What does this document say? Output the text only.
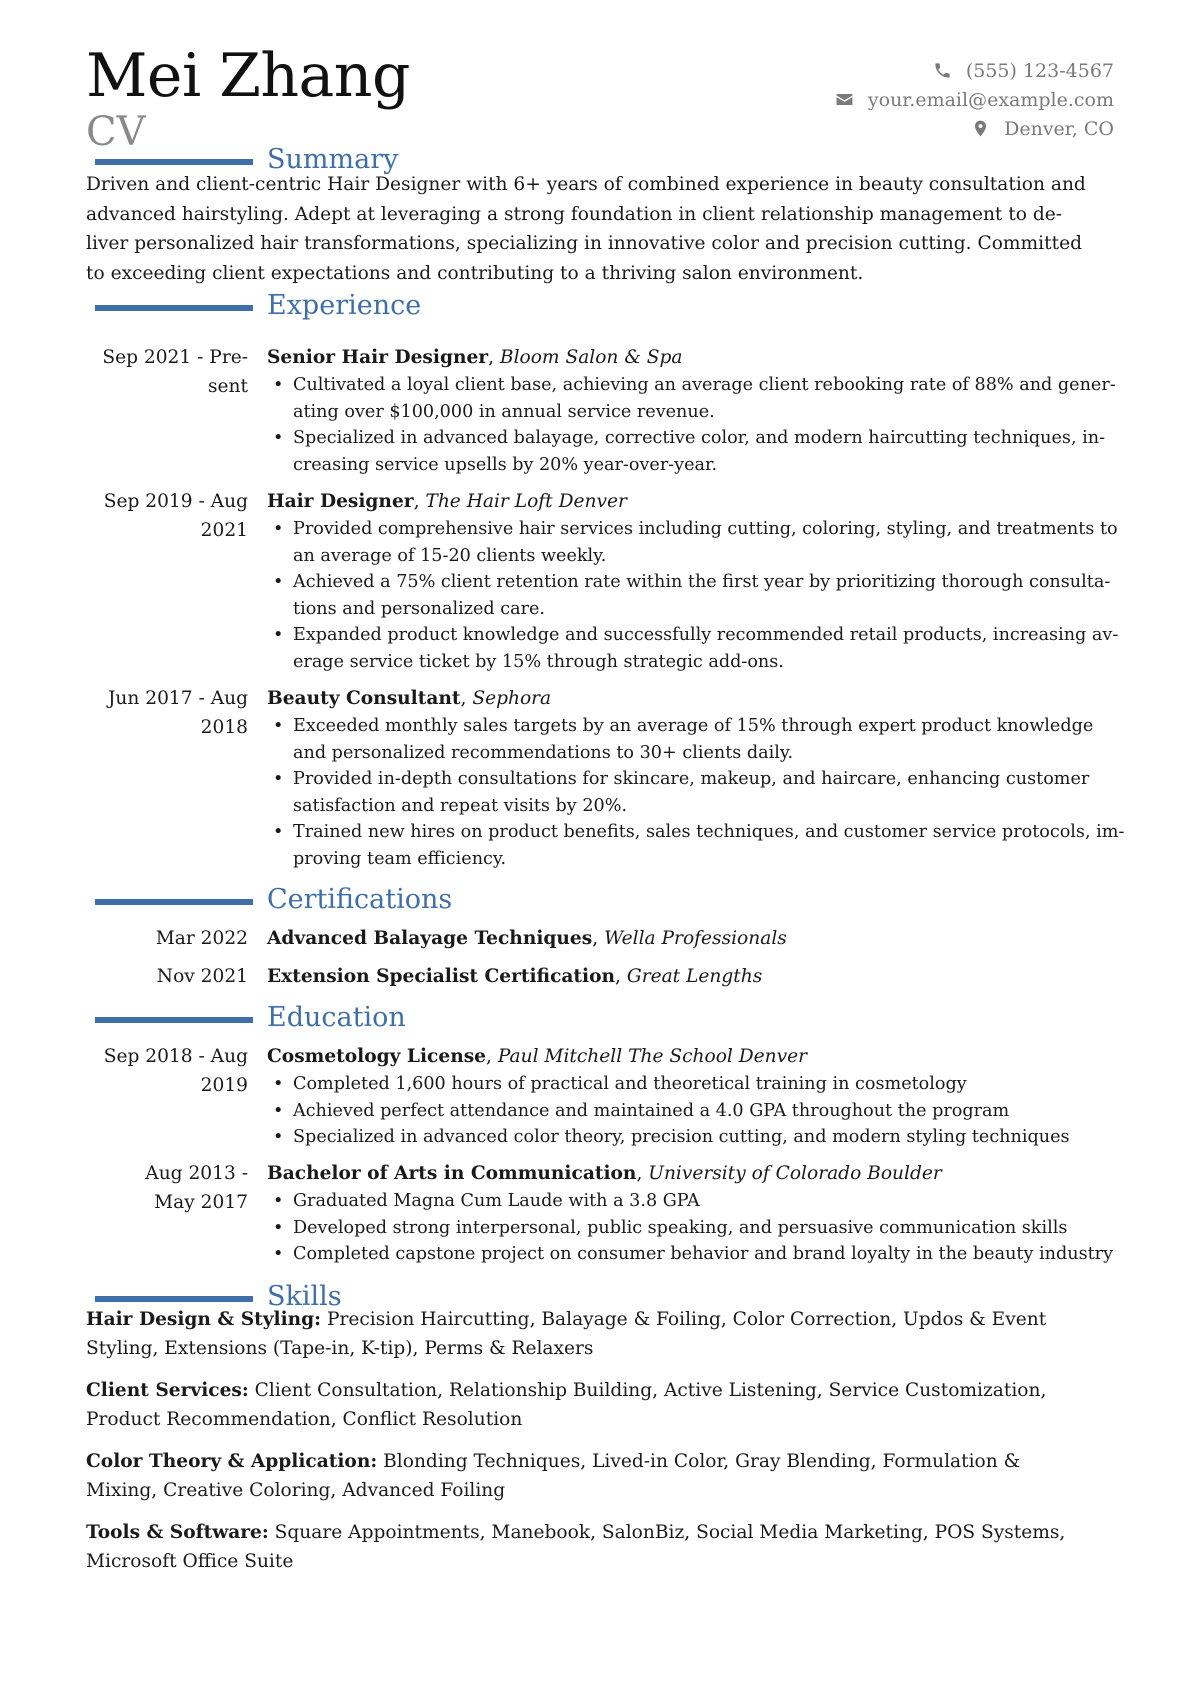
Mei Zhang
CV
(555) 123-4567
your.email@example.com
Denver, CO
Summary
Driven and client-centric Hair Designer with 6+ years of combined experience in beauty consultation and
advanced hairstyling. Adept at leveraging a strong foundation in client relationship management to de-
liver personalized hair transformations, specializing in innovative color and precision cutting. Committed
to exceeding client expectations and contributing to a thriving salon environment.
Experience
Sep 2021 - Pre-
sent
Senior Hair Designer, Bloom Salon & Spa
• Cultivated a loyal client base, achieving an average client rebooking rate of 88% and gener-
ating over $100,000 in annual service revenue.
• Specialized in advanced balayage, corrective color, and modern haircutting techniques, in-
creasing service upsells by 20% year-over-year.
Sep 2019 - Aug
2021
Hair Designer, The Hair Loft Denver
• Provided comprehensive hair services including cutting, coloring, styling, and treatments to
an average of 15-20 clients weekly.
• Achieved a 75% client retention rate within the first year by prioritizing thorough consulta-
tions and personalized care.
• Expanded product knowledge and successfully recommended retail products, increasing av-
erage service ticket by 15% through strategic add-ons.
Jun 2017 - Aug
2018
Beauty Consultant, Sephora
• Exceeded monthly sales targets by an average of 15% through expert product knowledge
and personalized recommendations to 30+ clients daily.
• Provided in-depth consultations for skincare, makeup, and haircare, enhancing customer
satisfaction and repeat visits by 20%.
• Trained new hires on product benefits, sales techniques, and customer service protocols, im-
proving team efficiency.
Certifications
Mar 2022 Advanced Balayage Techniques, Wella Professionals
Nov 2021 Extension Specialist Certification, Great Lengths
Education
Sep 2018 - Aug
2019
Cosmetology License, Paul Mitchell The School Denver
• Completed 1,600 hours of practical and theoretical training in cosmetology
• Achieved perfect attendance and maintained a 4.0 GPA throughout the program
• Specialized in advanced color theory, precision cutting, and modern styling techniques
Aug 2013 -
May 2017
Bachelor of Arts in Communication, University of Colorado Boulder
• Graduated Magna Cum Laude with a 3.8 GPA
• Developed strong interpersonal, public speaking, and persuasive communication skills
• Completed capstone project on consumer behavior and brand loyalty in the beauty industry
Skills
Hair Design & Styling: Precision Haircutting, Balayage & Foiling, Color Correction, Updos & Event
Styling, Extensions (Tape-in, K-tip), Perms & Relaxers
Client Services: Client Consultation, Relationship Building, Active Listening, Service Customization,
Product Recommendation, Conflict Resolution
Color Theory & Application: Blonding Techniques, Lived-in Color, Gray Blending, Formulation &
Mixing, Creative Coloring, Advanced Foiling
Tools & Software: Square Appointments, Manebook, SalonBiz, Social Media Marketing, POS Systems,
Microsoft Office Suite
